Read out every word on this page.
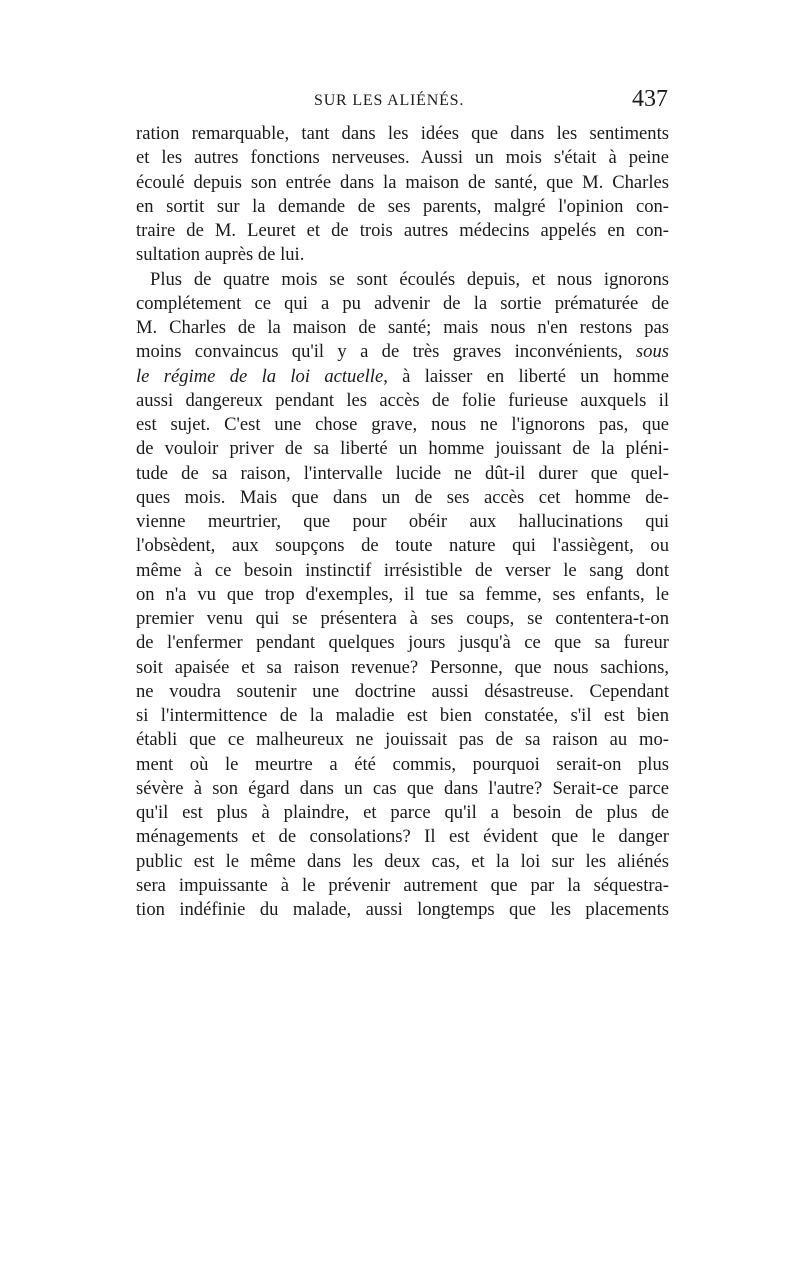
SUR LES ALIÉNÉS.	437
ration remarquable, tant dans les idées que dans les sentiments
et les autres fonctions nerveuses. Aussi un mois s'était à peine
écoulé depuis son entrée dans la maison de santé, que M. Charles
en sortit sur la demande de ses parents, malgré l'opinion con-
traire de M. Leuret et de trois autres médecins appelés en con-
sultation auprès de lui.
Plus de quatre mois se sont écoulés depuis, et nous ignorons
complétement ce qui a pu advenir de la sortie prématurée de
M. Charles de la maison de santé; mais nous n'en restons pas
moins convaincus qu'il y a de très graves inconvénients, sous
le régime de la loi actuelle, à laisser en liberté un homme
aussi dangereux pendant les accès de folie furieuse auxquels il
est sujet. C'est une chose grave, nous ne l'ignorons pas, que
de vouloir priver de sa liberté un homme jouissant de la pléni-
tude de sa raison, l'intervalle lucide ne dût-il durer que quel-
ques mois. Mais que dans un de ses accès cet homme de-
vienne meurtrier, que pour obéir aux hallucinations qui
l'obsèdent, aux soupçons de toute nature qui l'assiègent, ou
même à ce besoin instinctif irrésistible de verser le sang dont
on n'a vu que trop d'exemples, il tue sa femme, ses enfants, le
premier venu qui se présentera à ses coups, se contentera-t-on
de l'enfermer pendant quelques jours jusqu'à ce que sa fureur
soit apaisée et sa raison revenue? Personne, que nous sachions,
ne voudra soutenir une doctrine aussi désastreuse. Cependant
si l'intermittence de la maladie est bien constatée, s'il est bien
établi que ce malheureux ne jouissait pas de sa raison au mo-
ment où le meurtre a été commis, pourquoi serait-on plus
sévère à son égard dans un cas que dans l'autre? Serait-ce parce
qu'il est plus à plaindre, et parce qu'il a besoin de plus de
ménagements et de consolations? Il est évident que le danger
public est le même dans les deux cas, et la loi sur les aliénés
sera impuissante à le prévenir autrement que par la séquestra-
tion indéfinie du malade, aussi longtemps que les placements
